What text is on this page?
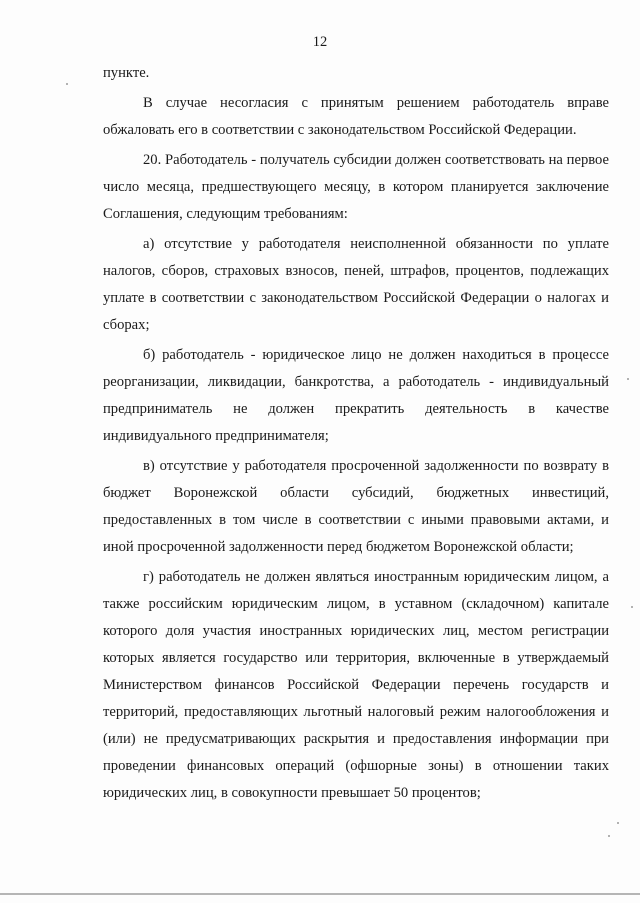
12

пункте.

В случае несогласия с принятым решением работодатель вправе обжаловать его в соответствии с законодательством Российской Федерации.

20. Работодатель - получатель субсидии должен соответствовать на первое число месяца, предшествующего месяцу, в котором планируется заключение Соглашения, следующим требованиям:

а) отсутствие у работодателя неисполненной обязанности по уплате налогов, сборов, страховых взносов, пеней, штрафов, процентов, подлежащих уплате в соответствии с законодательством Российской Федерации о налогах и сборах;

б) работодатель - юридическое лицо не должен находиться в процессе реорганизации, ликвидации, банкротства, а работодатель - индивидуальный предприниматель не должен прекратить деятельность в качестве индивидуального предпринимателя;

в) отсутствие у работодателя просроченной задолженности по возврату в бюджет Воронежской области субсидий, бюджетных инвестиций, предоставленных в том числе в соответствии с иными правовыми актами, и иной просроченной задолженности перед бюджетом Воронежской области;

г) работодатель не должен являться иностранным юридическим лицом, а также российским юридическим лицом, в уставном (складочном) капитале которого доля участия иностранных юридических лиц, местом регистрации которых является государство или территория, включенные в утверждаемый Министерством финансов Российской Федерации перечень государств и территорий, предоставляющих льготный налоговый режим налогообложения и (или) не предусматривающих раскрытия и предоставления информации при проведении финансовых операций (офшорные зоны) в отношении таких юридических лиц, в совокупности превышает 50 процентов;
